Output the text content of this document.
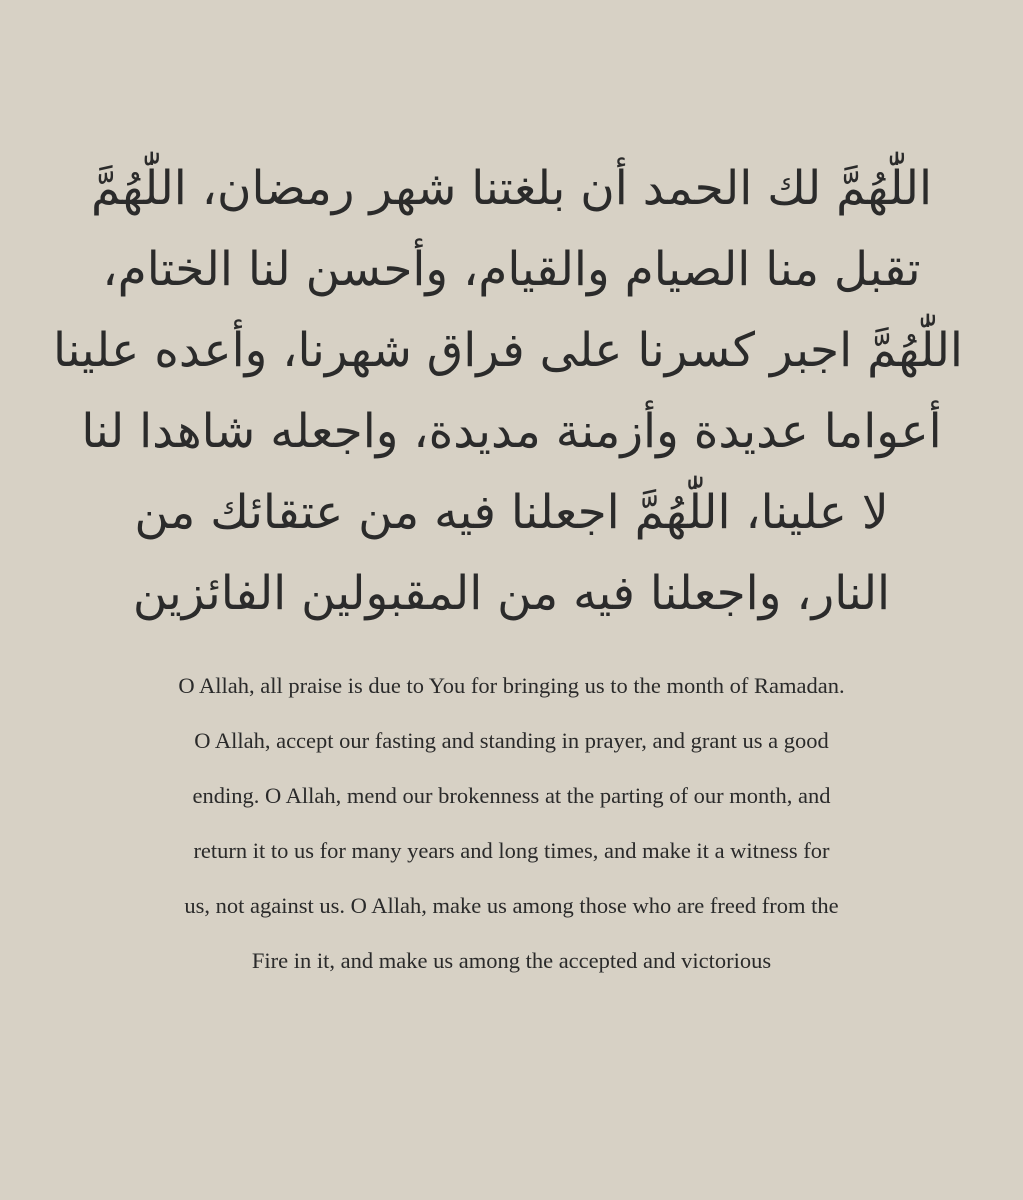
اللّٰهُمَّ لك الحمد أن بلغتنا شهر رمضان، اللّٰهُمَّ
تقبل منا الصيام والقيام، وأحسن لنا الختام،
اللّٰهُمَّ اجبر كسرنا على فراق شهرنا، وأعده علينا
أعواما عديدة وأزمنة مديدة، واجعله شاهدا لنا
لا علينا، اللّٰهُمَّ اجعلنا فيه من عتقائك من
النار، واجعلنا فيه من المقبولين الفائزين
O Allah, all praise is due to You for bringing us to the month of Ramadan.
O Allah, accept our fasting and standing in prayer, and grant us a good
ending. O Allah, mend our brokenness at the parting of our month, and
return it to us for many years and long times, and make it a witness for
us, not against us. O Allah, make us among those who are freed from the
Fire in it, and make us among the accepted and victorious
